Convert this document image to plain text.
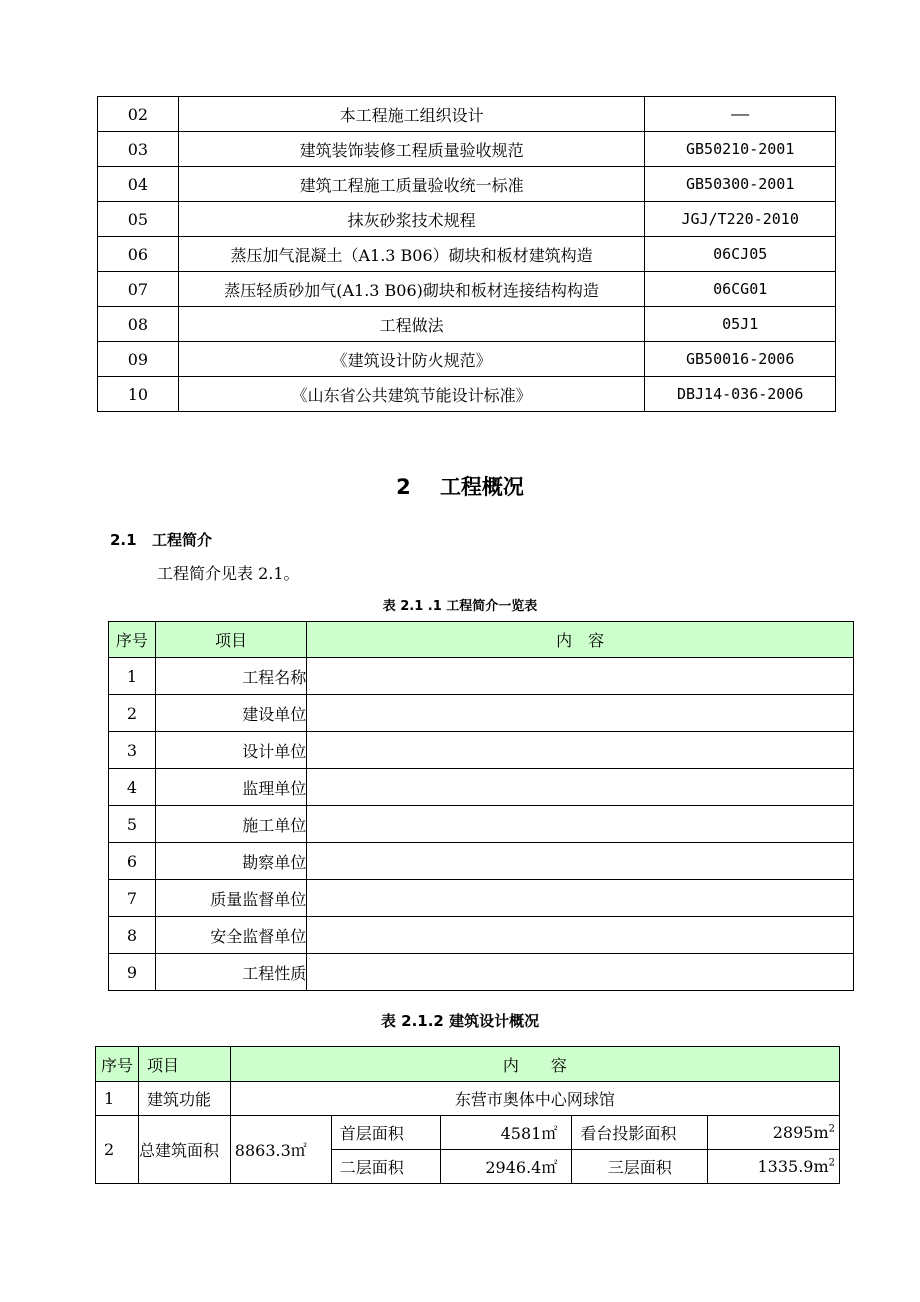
02	本工程施工组织设计	——
03	建筑装饰装修工程质量验收规范	GB50210-2001
04	建筑工程施工质量验收统一标准	GB50300-2001
05	抹灰砂浆技术规程	JGJ/T220-2010
06	蒸压加气混凝土（A1.3 B06）砌块和板材建筑构造	06CJ05
07	蒸压轻质砂加气(A1.3 B06)砌块和板材连接结构构造	06CG01
08	工程做法	05J1
09	《建筑设计防火规范》	GB50016-2006
10	《山东省公共建筑节能设计标准》	DBJ14-036-2006
2 工程概况
2.1 工程简介
工程简介见表 2.1。
表 2.1 .1 工程简介一览表
序号	项目	内　容
1	工程名称	
2	建设单位	
3	设计单位	
4	监理单位	
5	施工单位	
6	勘察单位	
7	质量监督单位	
8	安全监督单位	
9	工程性质	
表 2.1.2 建筑设计概况
序号	项目	内　　容				
1	建筑功能	东营市奥体中心网球馆				
2	总建筑面积	8863.3㎡	首层面积	4581㎡	看台投影面积	$2895m^2$
			二层面积	2946.4㎡	三层面积	$1335.9m^2$
